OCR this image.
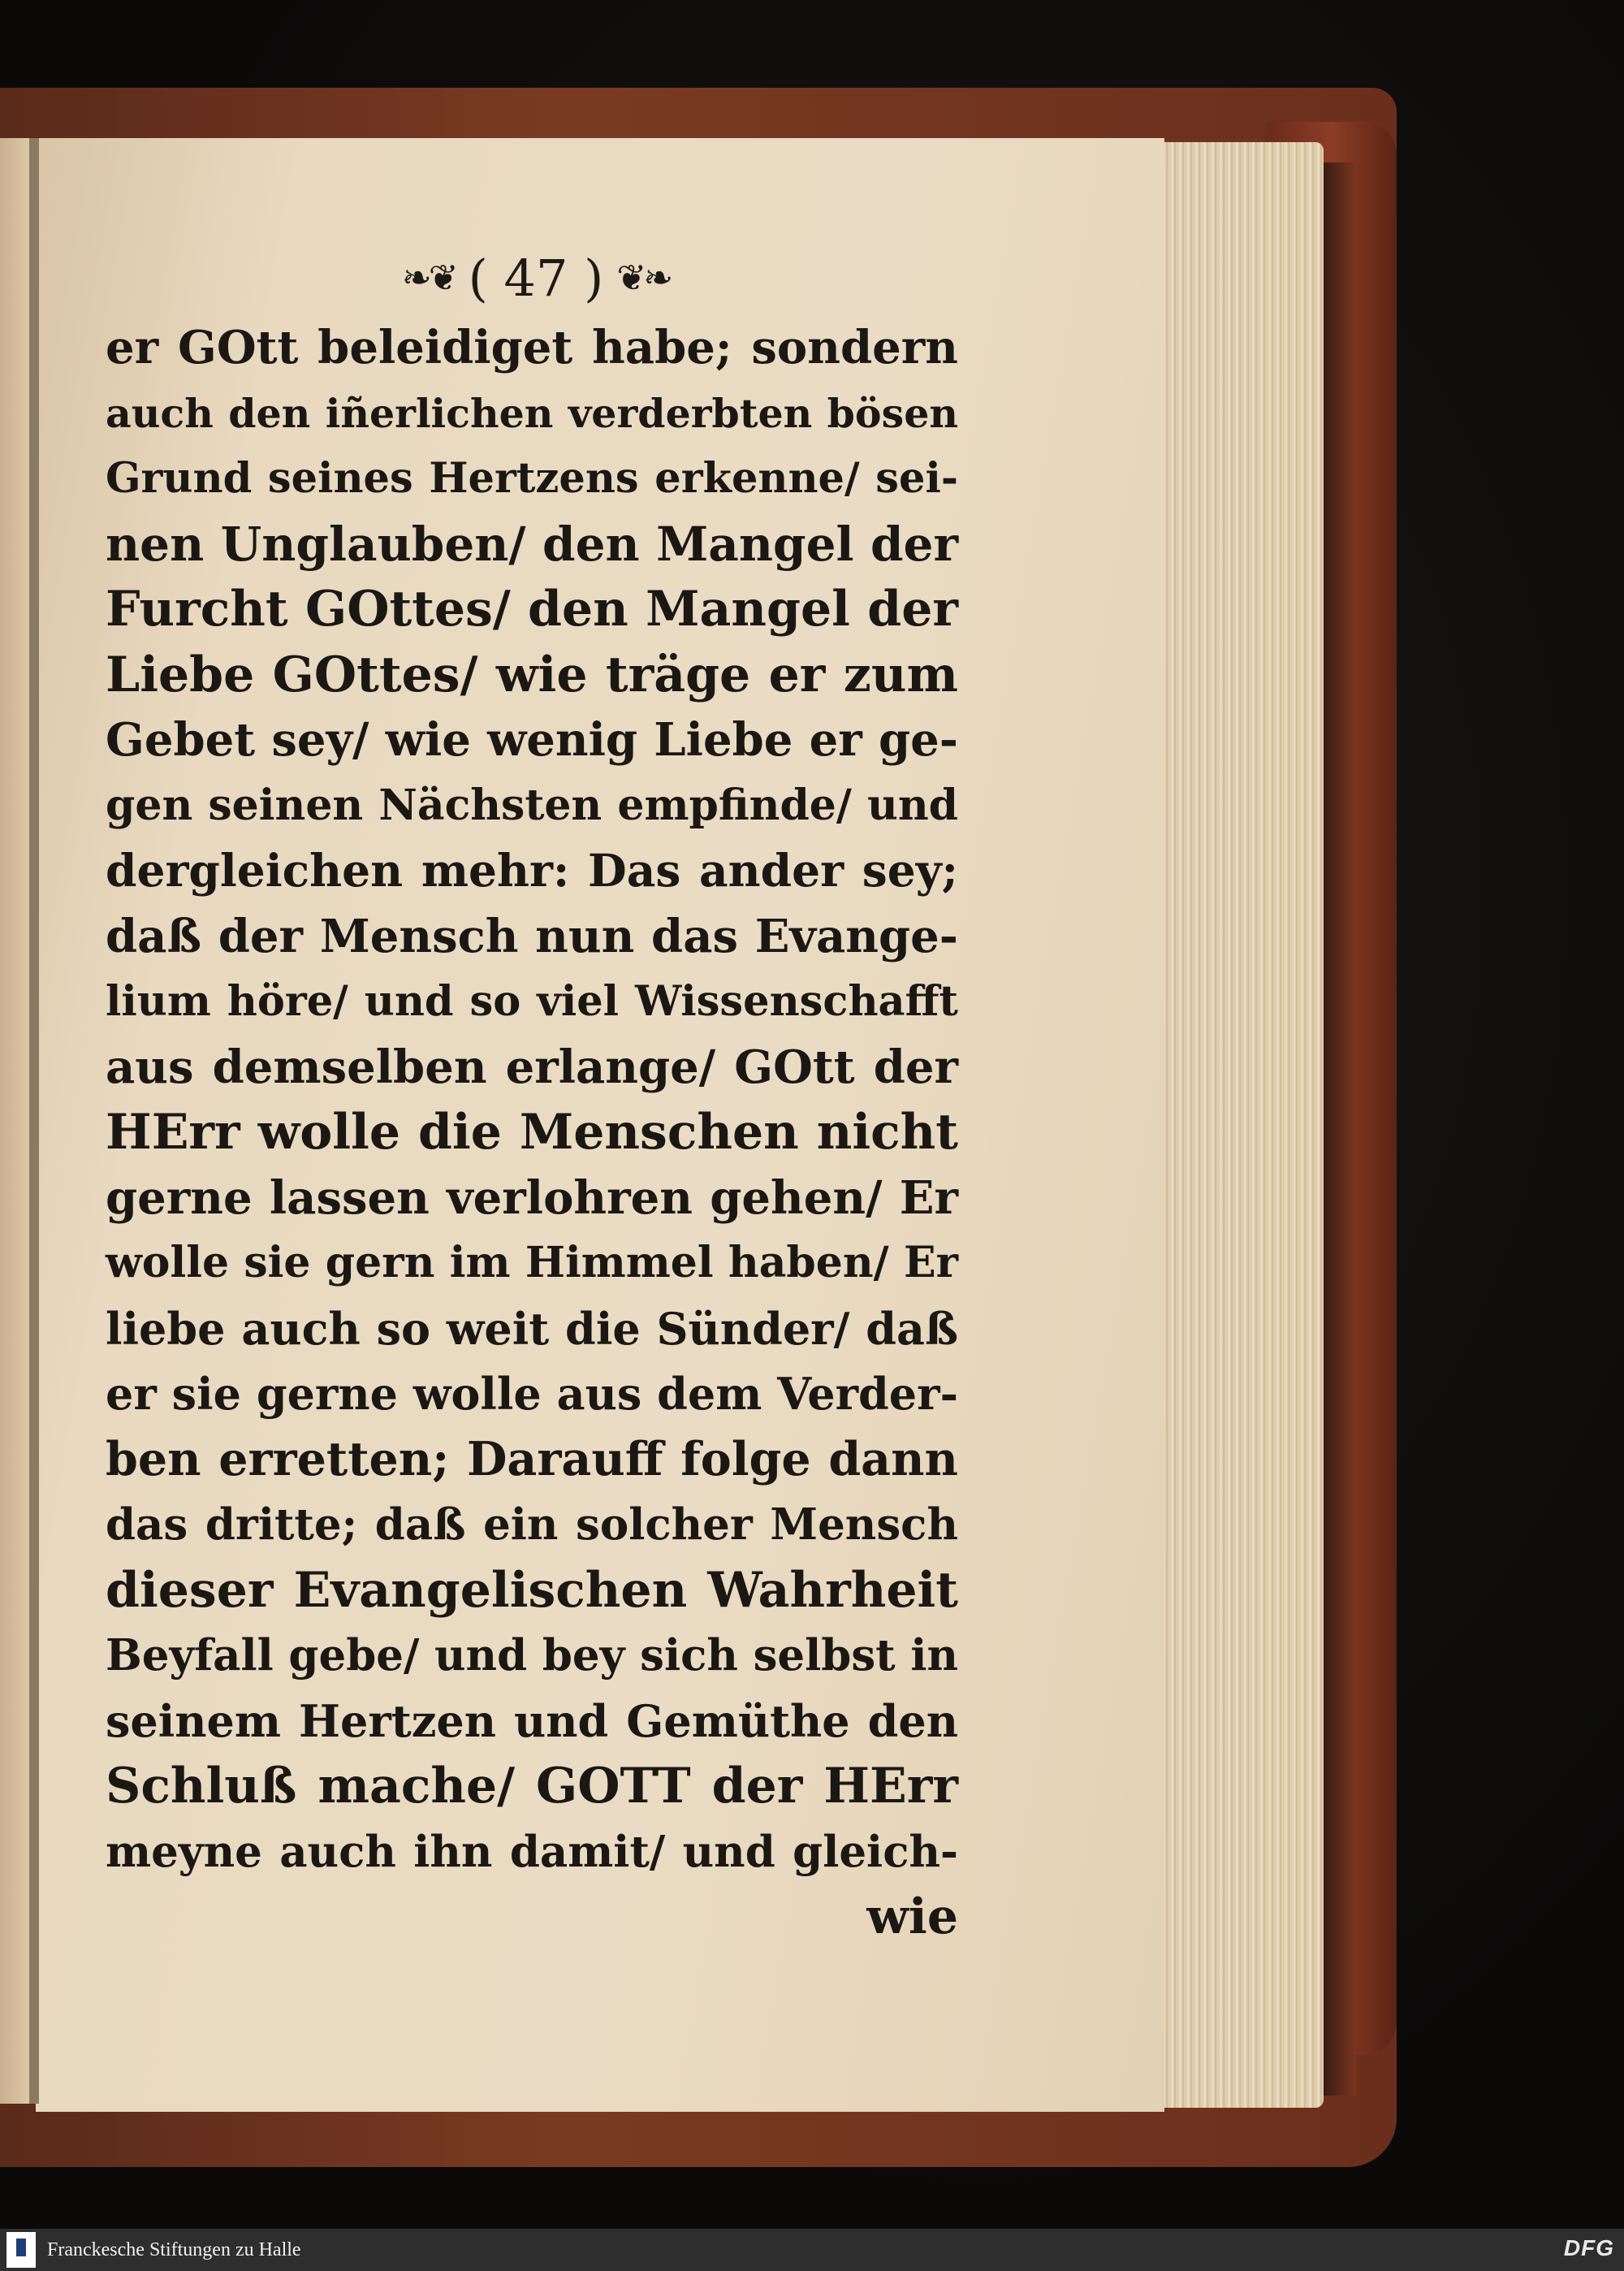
❧❦ ( 47 ) ❦❧
er GOtt beleidiget habe; sondern
auch den iñerlichen verderbten bösen
Grund seines Hertzens erkenne/ sei-
nen Unglauben/ den Mangel der
Furcht GOttes/ den Mangel der
Liebe GOttes/ wie träge er zum
Gebet sey/ wie wenig Liebe er ge-
gen seinen Nächsten empfinde/ und
dergleichen mehr: Das ander sey;
daß der Mensch nun das Evange-
lium höre/ und so viel Wissenschafft
aus demselben erlange/ GOtt der
HErr wolle die Menschen nicht
gerne lassen verlohren gehen/ Er
wolle sie gern im Himmel haben/ Er
liebe auch so weit die Sünder/ daß
er sie gerne wolle aus dem Verder-
ben erretten; Darauff folge dann
das dritte; daß ein solcher Mensch
dieser Evangelischen Wahrheit
Beyfall gebe/ und bey sich selbst in
seinem Hertzen und Gemüthe den
Schluß mache/ GOTT der HErr
meyne auch ihn damit/ und gleich-
wie
Franckesche Stiftungen zu Halle	DFG
